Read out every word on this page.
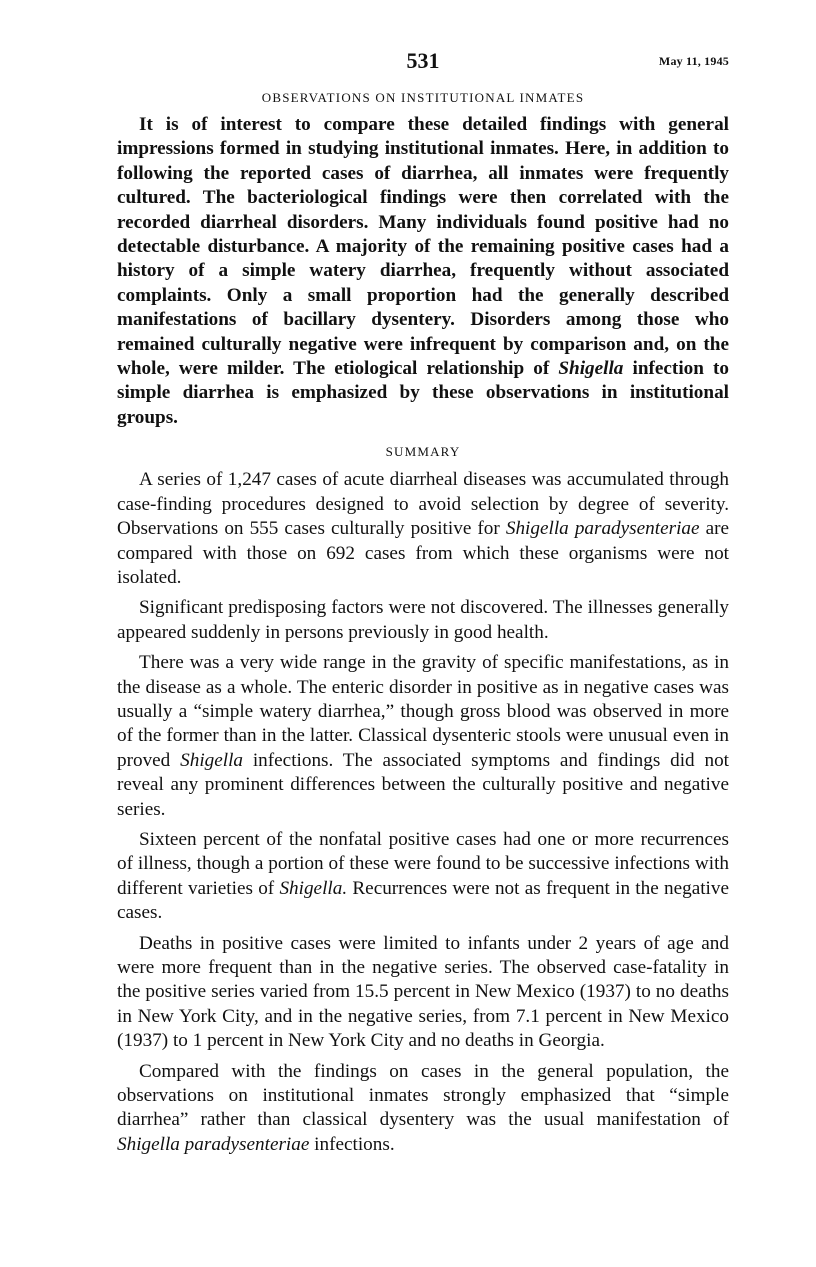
531	May 11, 1945
OBSERVATIONS ON INSTITUTIONAL INMATES

It is of interest to compare these detailed findings with general impressions formed in studying institutional inmates. Here, in addition to following the reported cases of diarrhea, all inmates were frequently cultured. The bacteriological findings were then correlated with the recorded diarrheal disorders. Many individuals found positive had no detectable disturbance. A majority of the remaining positive cases had a history of a simple watery diarrhea, frequently without associated complaints. Only a small proportion had the generally described manifestations of bacillary dysentery. Disorders among those who remained culturally negative were infrequent by comparison and, on the whole, were milder. The etiological relationship of Shigella infection to simple diarrhea is emphasized by these observations in institutional groups.

SUMMARY

A series of 1,247 cases of acute diarrheal diseases was accumulated through case-finding procedures designed to avoid selection by degree of severity. Observations on 555 cases culturally positive for Shigella paradysenteriae are compared with those on 692 cases from which these organisms were not isolated.

Significant predisposing factors were not discovered. The illnesses generally appeared suddenly in persons previously in good health.

There was a very wide range in the gravity of specific manifestations, as in the disease as a whole. The enteric disorder in positive as in negative cases was usually a “simple watery diarrhea,” though gross blood was observed in more of the former than in the latter. Classical dysenteric stools were unusual even in proved Shigella infections. The associated symptoms and findings did not reveal any prominent differences between the culturally positive and negative series.

Sixteen percent of the nonfatal positive cases had one or more recurrences of illness, though a portion of these were found to be successive infections with different varieties of Shigella. Recurrences were not as frequent in the negative cases.

Deaths in positive cases were limited to infants under 2 years of age and were more frequent than in the negative series. The observed case-fatality in the positive series varied from 15.5 percent in New Mexico (1937) to no deaths in New York City, and in the negative series, from 7.1 percent in New Mexico (1937) to 1 percent in New York City and no deaths in Georgia.

Compared with the findings on cases in the general population, the observations on institutional inmates strongly emphasized that “simple diarrhea” rather than classical dysentery was the usual manifestation of Shigella paradysenteriae infections.
